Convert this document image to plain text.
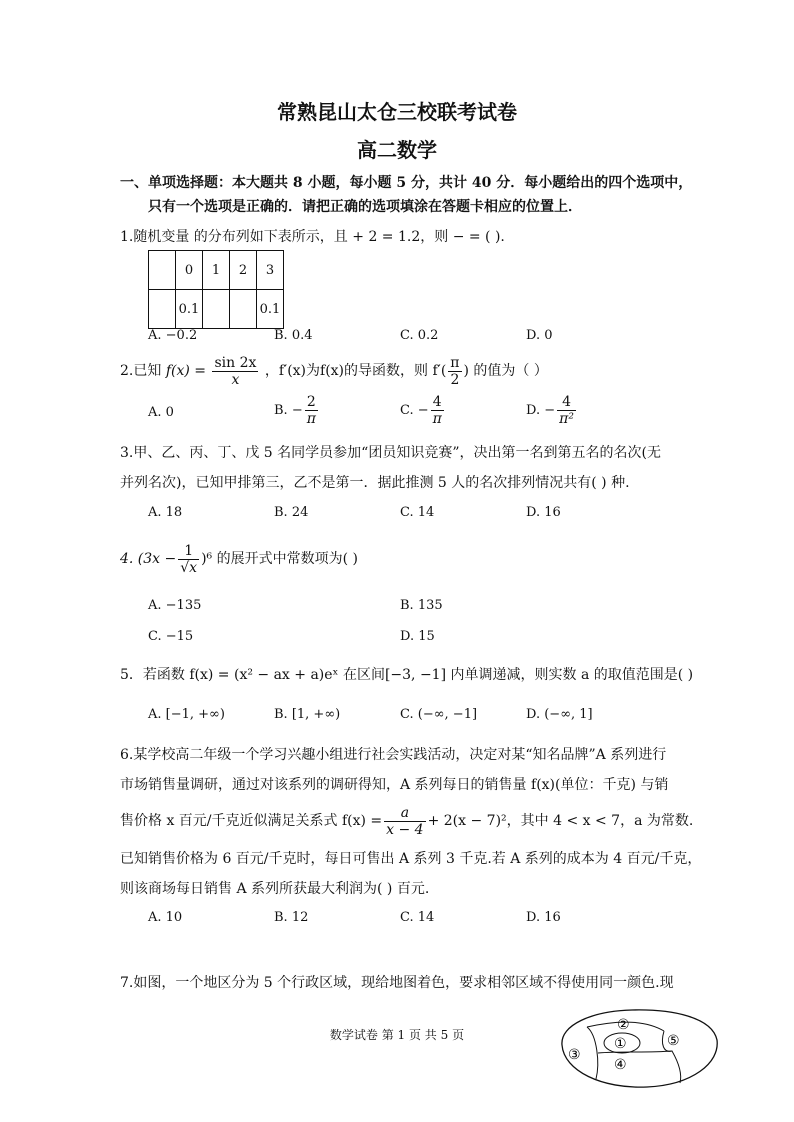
常熟昆山太仓三校联考试卷
高二数学
一、单项选择题：本大题共 8 小题，每小题 5 分，共计 40 分．每小题给出的四个选项中，
只有一个选项是正确的．请把正确的选项填涂在答题卡相应的位置上．
1.随机变量 的分布列如下表所示，且 + 2 = 1.2，则 − = ( ).
	0	1	2	3
	0.1			0.1
A. −0.2	B. 0.4	C. 0.2	D. 0
2.已知 $f(x) = \frac{\sin 2x}{x}$ ，f′(x)为f(x)的导函数，则 $f'( \frac{\pi}{2}$ ) 的值为（ ）
A. 0	B. − $\frac{2}{\pi}$	C. − $\frac{4}{\pi}$	D. − $\frac{4}{\text{π²}}$
3.甲、乙、丙、丁、戊 5 名同学员参加“团员知识竞赛”，决出第一名到第五名的名次(无
并列名次)，已知甲排第三，乙不是第一．据此推测 5 人的名次排列情况共有( ) 种.
A. 18	B. 24	C. 14	D. 16
4. $(3x - \frac{1}{√x} )^6$ 的展开式中常数项为( )
A. −135	B. 135
C. −15	D. 15
5．若函数 f(x) = (x² − ax + a)eˣ 在区间[−3, −1] 内单调递减，则实数 a 的取值范围是( )
A. [−1, +∞)	B. [1, +∞)	C. (−∞, −1]	D. (−∞, 1]
6.某学校高二年级一个学习兴趣小组进行社会实践活动，决定对某“知名品牌”A 系列进行
市场销售量调研，通过对该系列的调研得知，A 系列每日的销售量 f(x)(单位：千克) 与销
售价格 x 百元/千克近似满足关系式 $f(x) = \frac{a}{x - 4} + 2(x - 7)^2$，其中 4 < x < 7，a 为常数.
已知销售价格为 6 百元/千克时，每日可售出 A 系列 3 千克.若 A 系列的成本为 4 百元/千克，
则该商场每日销售 A 系列所获最大利润为( ) 百元.
A. 10	B. 12	C. 14	D. 16
7.如图，一个地区分为 5 个行政区域，现给地图着色，要求相邻区域不得使用同一颜色.现
数学试卷 第 1 页 共 5 页
①
②
③
④
⑤
